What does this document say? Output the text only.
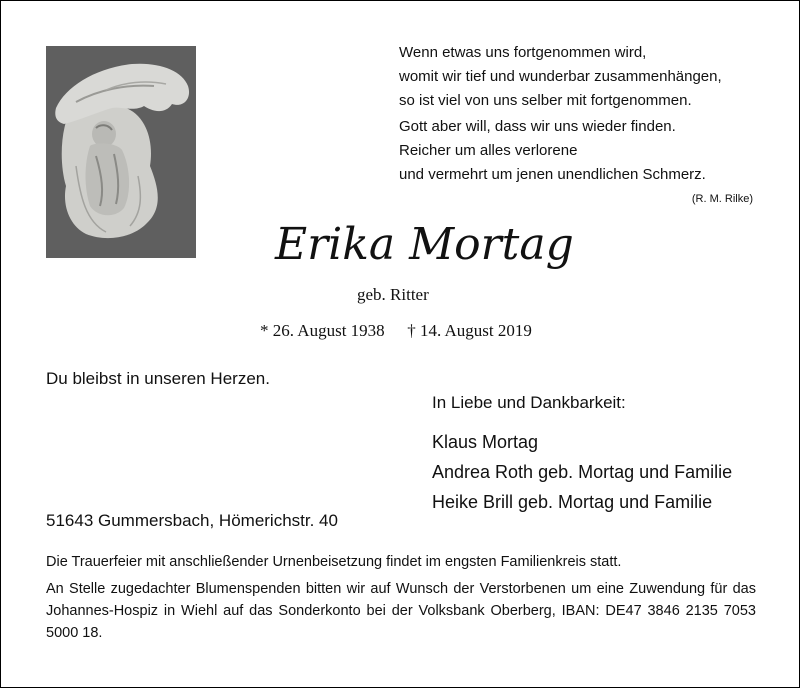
Wenn etwas uns fortgenommen wird,
womit wir tief und wunderbar zusammenhängen,
so ist viel von uns selber mit fortgenommen.
Gott aber will, dass wir uns wieder finden.
Reicher um alles verlorene
und vermehrt um jenen unendlichen Schmerz.
(R. M. Rilke)
Erika Mortag
geb. Ritter
* 26. August 1938 † 14. August 2019
Du bleibst in unseren Herzen.
In Liebe und Dankbarkeit:
Klaus Mortag
Andrea Roth geb. Mortag und Familie
Heike Brill geb. Mortag und Familie
51643 Gummersbach, Hömerichstr. 40

Die Trauerfeier mit anschließender Urnenbeisetzung findet im engsten Familienkreis statt.

An Stelle zugedachter Blumenspenden bitten wir auf Wunsch der Verstorbenen um eine Zuwendung für das Johannes-Hospiz in Wiehl auf das Sonderkonto bei der Volksbank Oberberg, IBAN: DE47 3846 2135 7053 5000 18.
